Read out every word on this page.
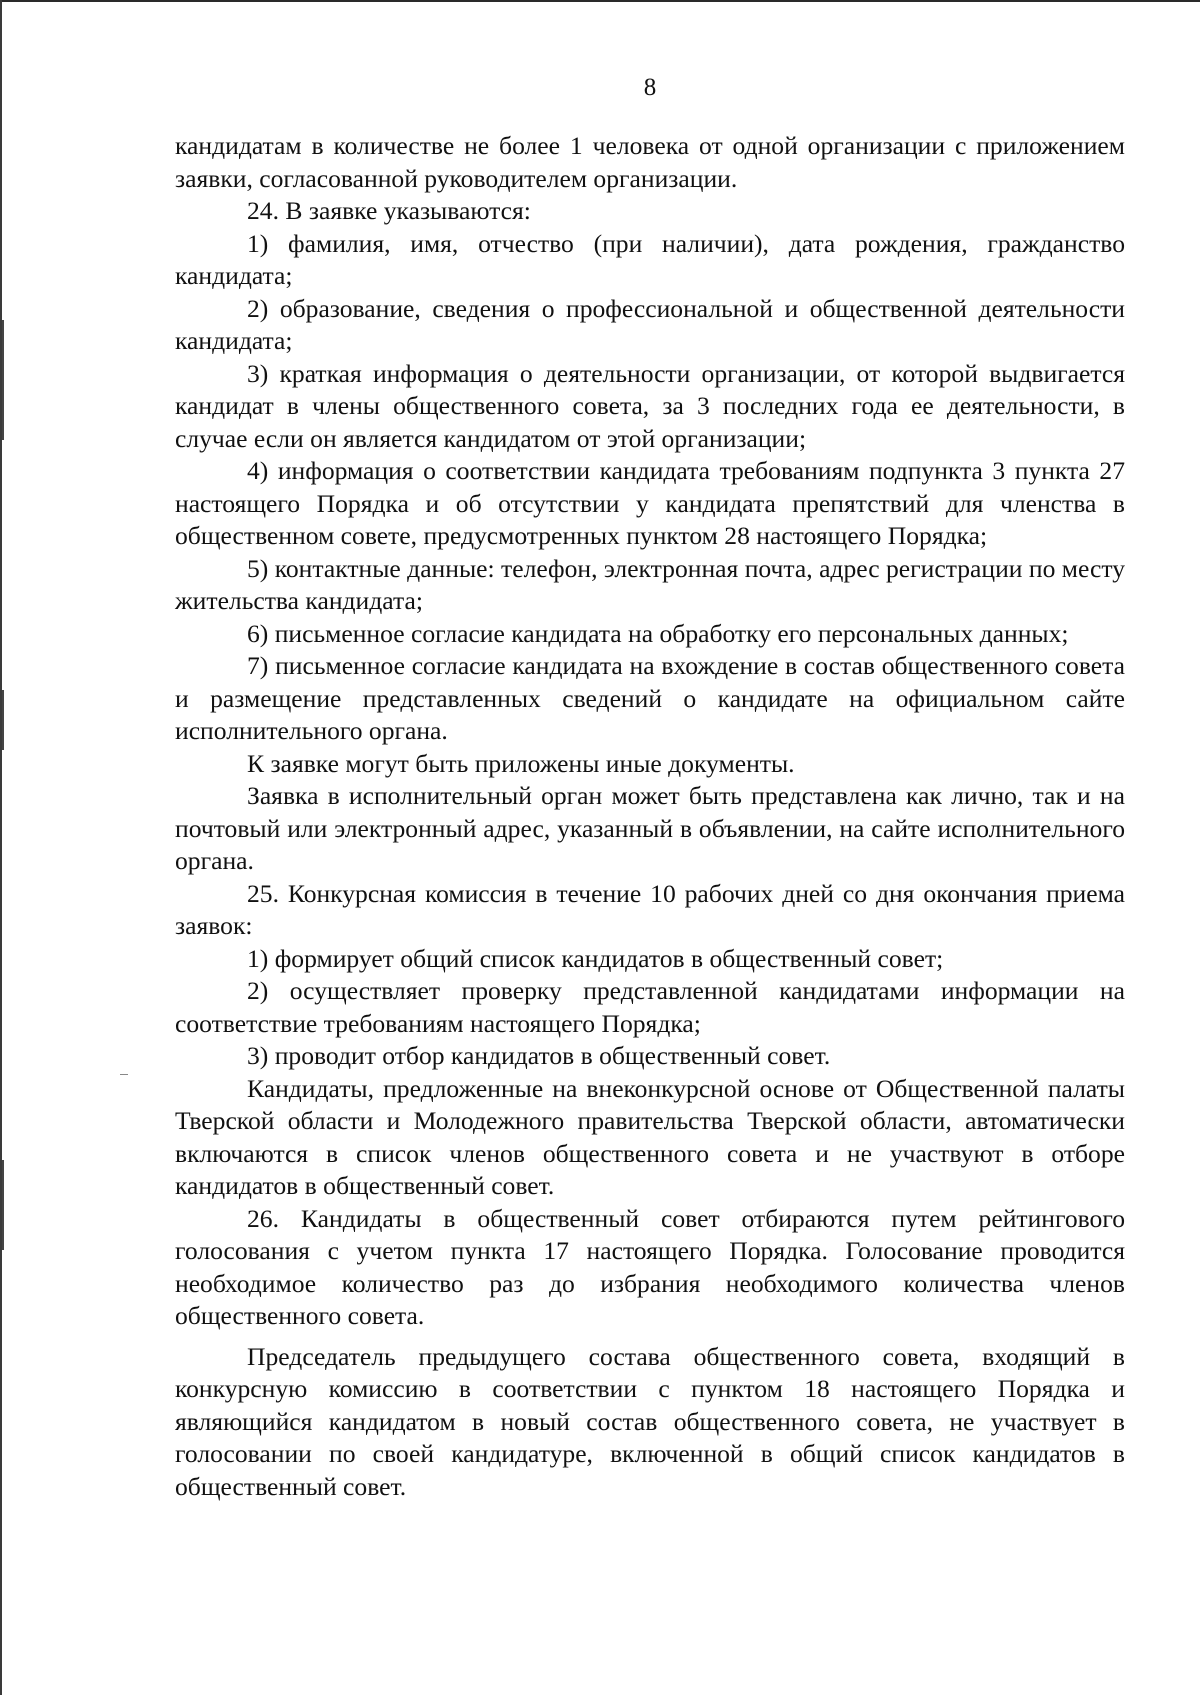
8

кандидатам в количестве не более 1 человека от одной организации с приложением заявки, согласованной руководителем организации.

24. В заявке указываются:

1) фамилия, имя, отчество (при наличии), дата рождения, гражданство кандидата;

2) образование, сведения о профессиональной и общественной деятельности кандидата;

3) краткая информация о деятельности организации, от которой выдвигается кандидат в члены общественного совета, за 3 последних года ее деятельности, в случае если он является кандидатом от этой организации;

4) информация о соответствии кандидата требованиям подпункта 3 пункта 27 настоящего Порядка и об отсутствии у кандидата препятствий для членства в общественном совете, предусмотренных пунктом 28 настоящего Порядка;

5) контактные данные: телефон, электронная почта, адрес регистрации по месту жительства кандидата;

6) письменное согласие кандидата на обработку его персональных данных;

7) письменное согласие кандидата на вхождение в состав общественного совета и размещение представленных сведений о кандидате на официальном сайте исполнительного органа.

К заявке могут быть приложены иные документы.

Заявка в исполнительный орган может быть представлена как лично, так и на почтовый или электронный адрес, указанный в объявлении, на сайте исполнительного органа.

25. Конкурсная комиссия в течение 10 рабочих дней со дня окончания приема заявок:

1) формирует общий список кандидатов в общественный совет;

2) осуществляет проверку представленной кандидатами информации на соответствие требованиям настоящего Порядка;

3) проводит отбор кандидатов в общественный совет.

Кандидаты, предложенные на внеконкурсной основе от Общественной палаты Тверской области и Молодежного правительства Тверской области, автоматически включаются в список членов общественного совета и не участвуют в отборе кандидатов в общественный совет.

26. Кандидаты в общественный совет отбираются путем рейтингового голосования с учетом пункта 17 настоящего Порядка. Голосование проводится необходимое количество раз до избрания необходимого количества членов общественного совета.

Председатель предыдущего состава общественного совета, входящий в конкурсную комиссию в соответствии с пунктом 18 настоящего Порядка и являющийся кандидатом в новый состав общественного совета, не участвует в голосовании по своей кандидатуре, включенной в общий список кандидатов в общественный совет.
